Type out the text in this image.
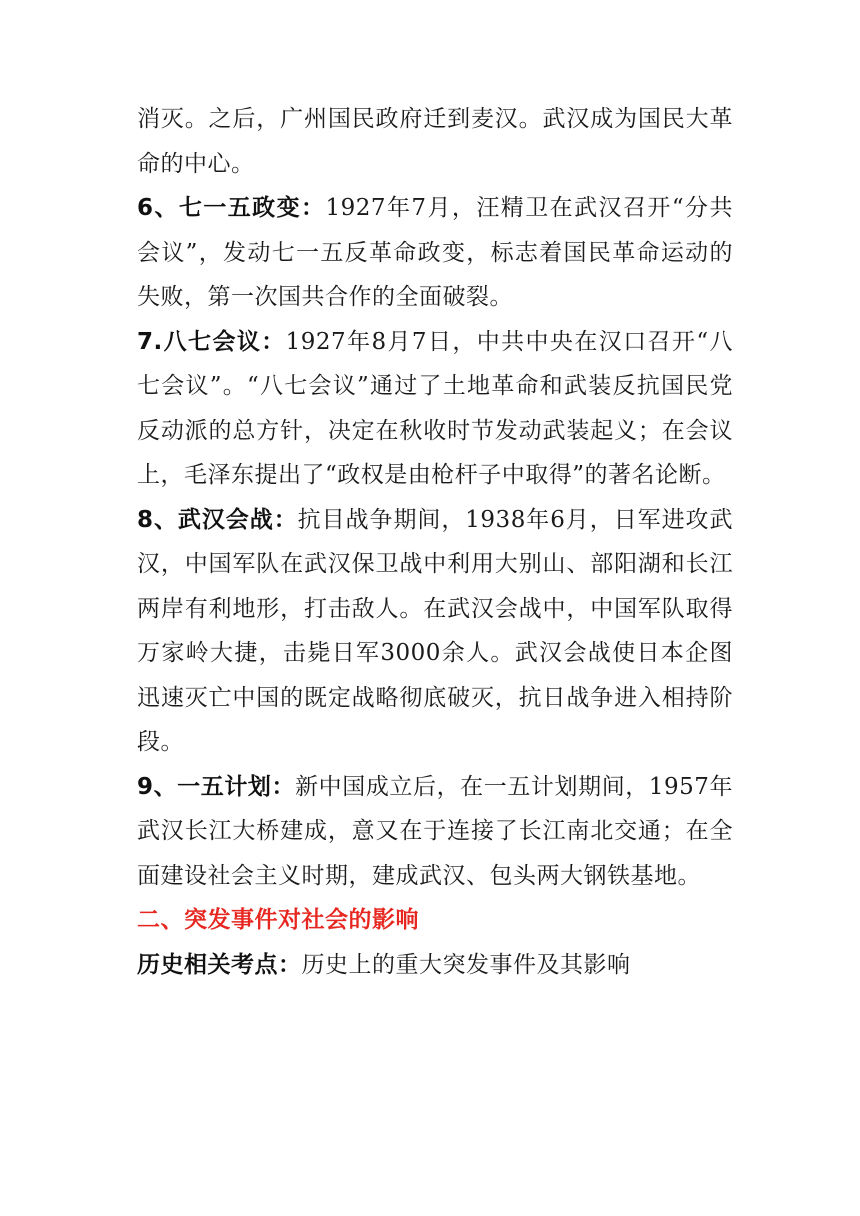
消灭。之后，广州国民政府迁到麦汉。武汉成为国民大革命的中心。

6、七一五政变：1927年7月，汪精卫在武汉召开“分共会议”，发动七一五反革命政变，标志着国民革命运动的失败，第一次国共合作的全面破裂。

7.八七会议：1927年8月7日，中共中央在汉口召开“八七会议”。“八七会议”通过了土地革命和武装反抗国民党反动派的总方针，决定在秋收时节发动武装起义；在会议上，毛泽东提出了“政权是由枪杆子中取得”的著名论断。

8、武汉会战：抗目战争期间，1938年6月，日军进攻武汉，中国军队在武汉保卫战中利用大别山、部阳湖和长江两岸有利地形，打击敌人。在武汉会战中，中国军队取得万家岭大捷，击毙日军3000余人。武汉会战使日本企图迅速灭亡中国的既定战略彻底破灭，抗日战争进入相持阶段。

9、一五计划：新中国成立后，在一五计划期间，1957年武汉长江大桥建成，意又在于连接了长江南北交通；在全面建设社会主义时期，建成武汉、包头两大钢铁基地。

二、突发事件对社会的影响

历史相关考点：历史上的重大突发事件及其影响
